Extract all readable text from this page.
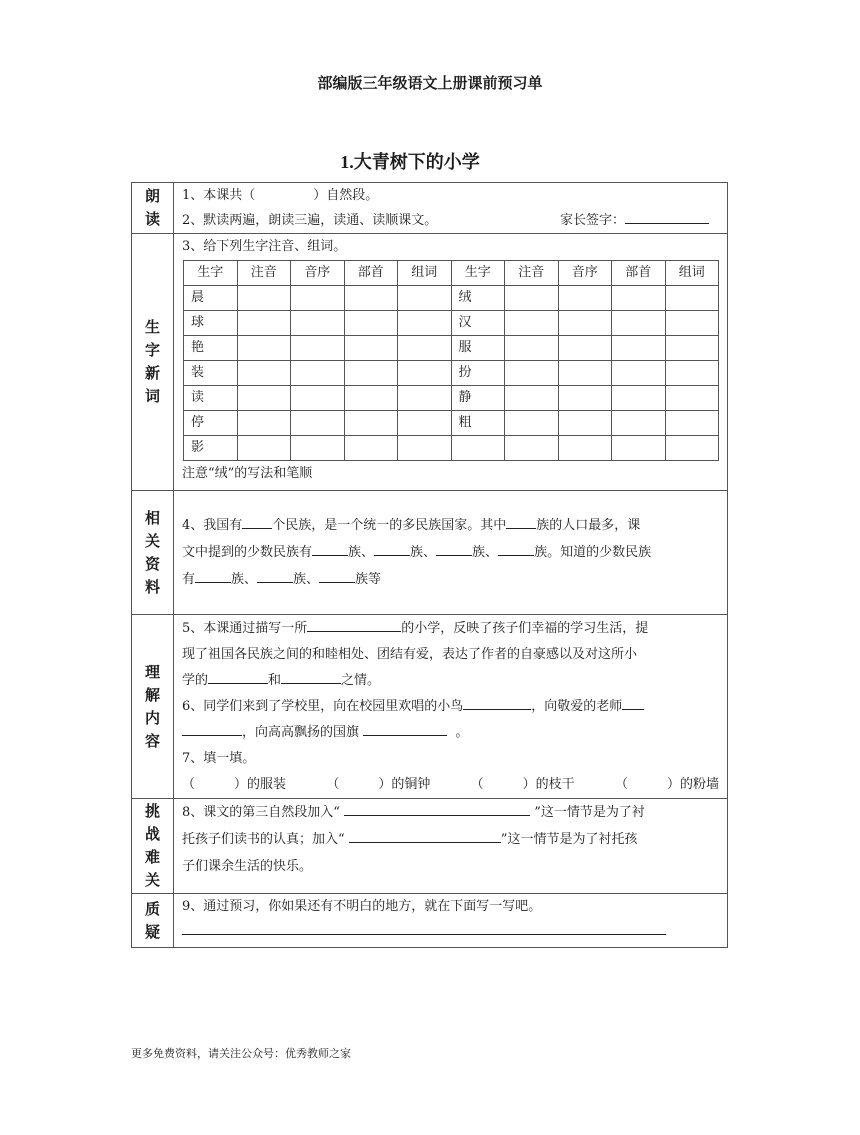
部编版三年级语文上册课前预习单
1.大青树下的小学
朗
读

1、本课共（	）自然段。
2、默读两遍，朗读三遍，读通、读顺课文。	家长签字：

生
字
新
词

3、给下列生字注音、组词。
生字	注音	音序	部首	组词	生字	注音	音序	部首	组词
晨					绒				
球					汉				
艳					服				
装					扮				
读					静				
停					粗				
影									
注意“绒”的写法和笔顺

相
关
资
料

4、我国有 个民族，是一个统一的多民族国家。其中 族的人口最多，课
文中提到的少数民族有	族、	族、	族、	族。知道的少数民族
有	族、	族、	族等

理
解
内
容

5、本课通过描写一所	的小学，反映了孩子们幸福的学习生活，提
现了祖国各民族之间的和睦相处、团结有爱，表达了作者的自豪感以及对这所小
学的	和	之情。
6、同学们来到了学校里，向在校园里欢唱的小鸟	，向敬爱的老师
，向高高飘扬的国旗	。
7、填一填。
（　　　）的服装	（　　　）的铜钟	（　　　）的枝干	（　　　）的粉墙

挑
战
难
关

8、课文的第三自然段加入“	”这一情节是为了衬
托孩子们读书的认真；加入“	”这一情节是为了衬托孩
子们课余生活的快乐。

质
疑

9、通过预习，你如果还有不明白的地方，就在下面写一写吧。
更多免费资料，请关注公众号：优秀教师之家
